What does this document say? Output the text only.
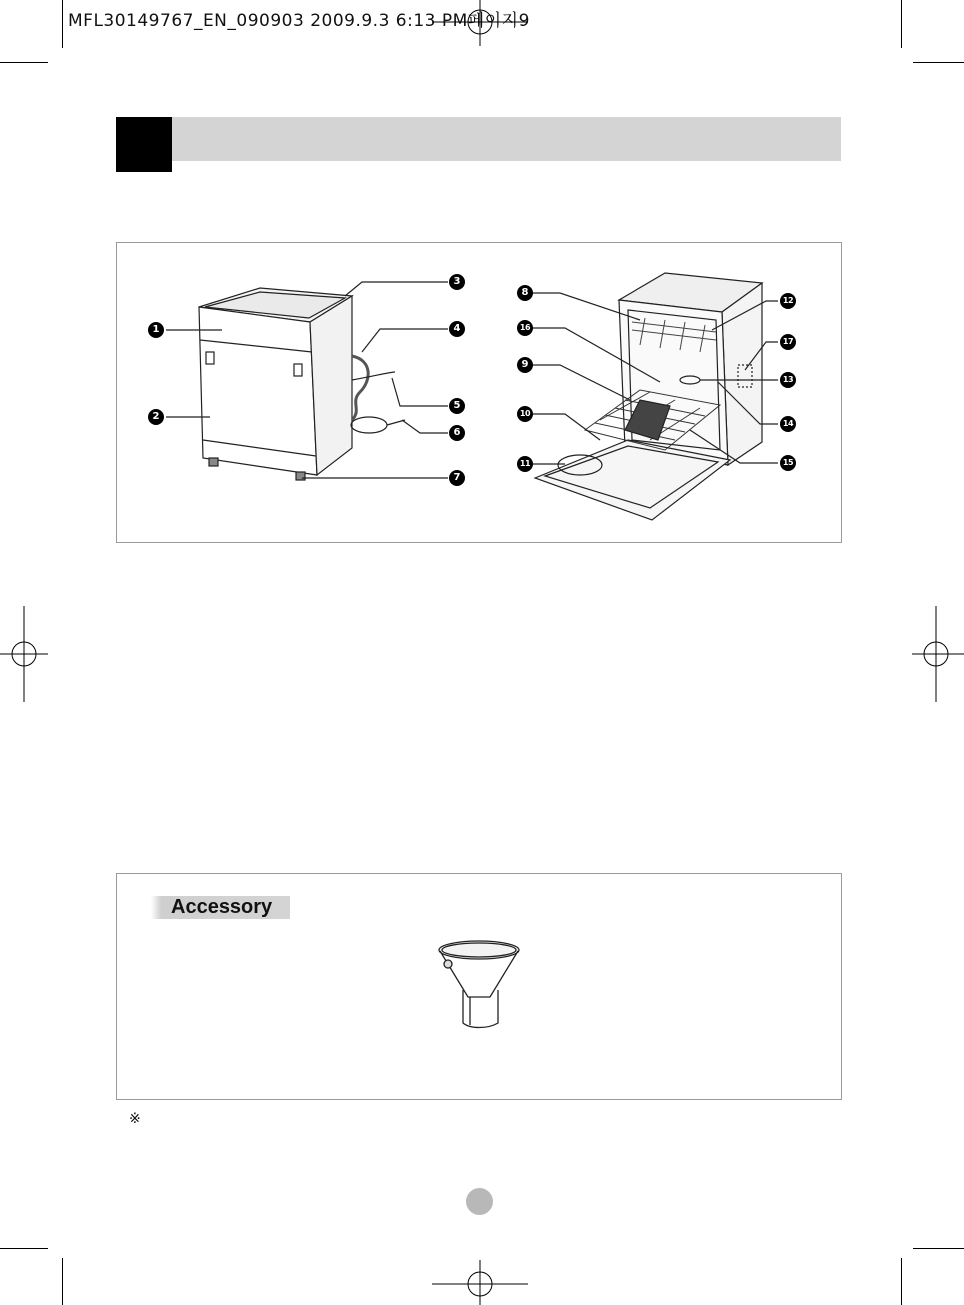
MFL30149767_EN_090903 2009.9.3 6:13 PM페이지9
1
2
3
4
5
6
7
8
16
9
10
11
12
17
13
14
15
Accessory
※
